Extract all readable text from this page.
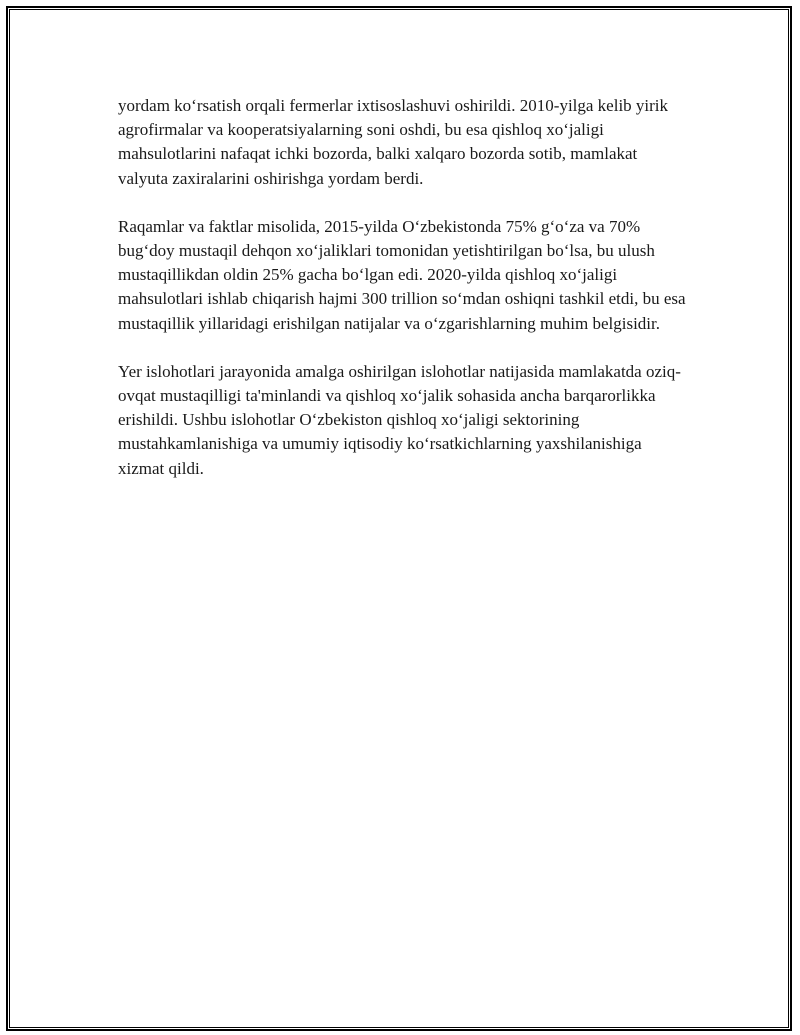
yordam koʻrsatish orqali fermerlar ixtisoslashuvi oshirildi. 2010-yilga kelib yirik agrofirmalar va kooperatsiyalarning soni oshdi, bu esa qishloq xoʻjaligi mahsulotlarini nafaqat ichki bozorda, balki xalqaro bozorda sotib, mamlakat valyuta zaxiralarini oshirishga yordam berdi.

Raqamlar va faktlar misolida, 2015-yilda Oʻzbekistonda 75% gʻoʻza va 70% bugʻdoy mustaqil dehqon xoʻjaliklari tomonidan yetishtirilgan boʻlsa, bu ulush mustaqillikdan oldin 25% gacha boʻlgan edi. 2020-yilda qishloq xoʻjaligi mahsulotlari ishlab chiqarish hajmi 300 trillion soʻmdan oshiqni tashkil etdi, bu esa mustaqillik yillaridagi erishilgan natijalar va oʻzgarishlarning muhim belgisidir.

Yer islohotlari jarayonida amalga oshirilgan islohotlar natijasida mamlakatda oziq-ovqat mustaqilligi ta'minlandi va qishloq xoʻjalik sohasida ancha barqarorlikka erishildi. Ushbu islohotlar Oʻzbekiston qishloq xoʻjaligi sektorining mustahkamlanishiga va umumiy iqtisodiy koʻrsatkichlarning yaxshilanishiga xizmat qildi.
